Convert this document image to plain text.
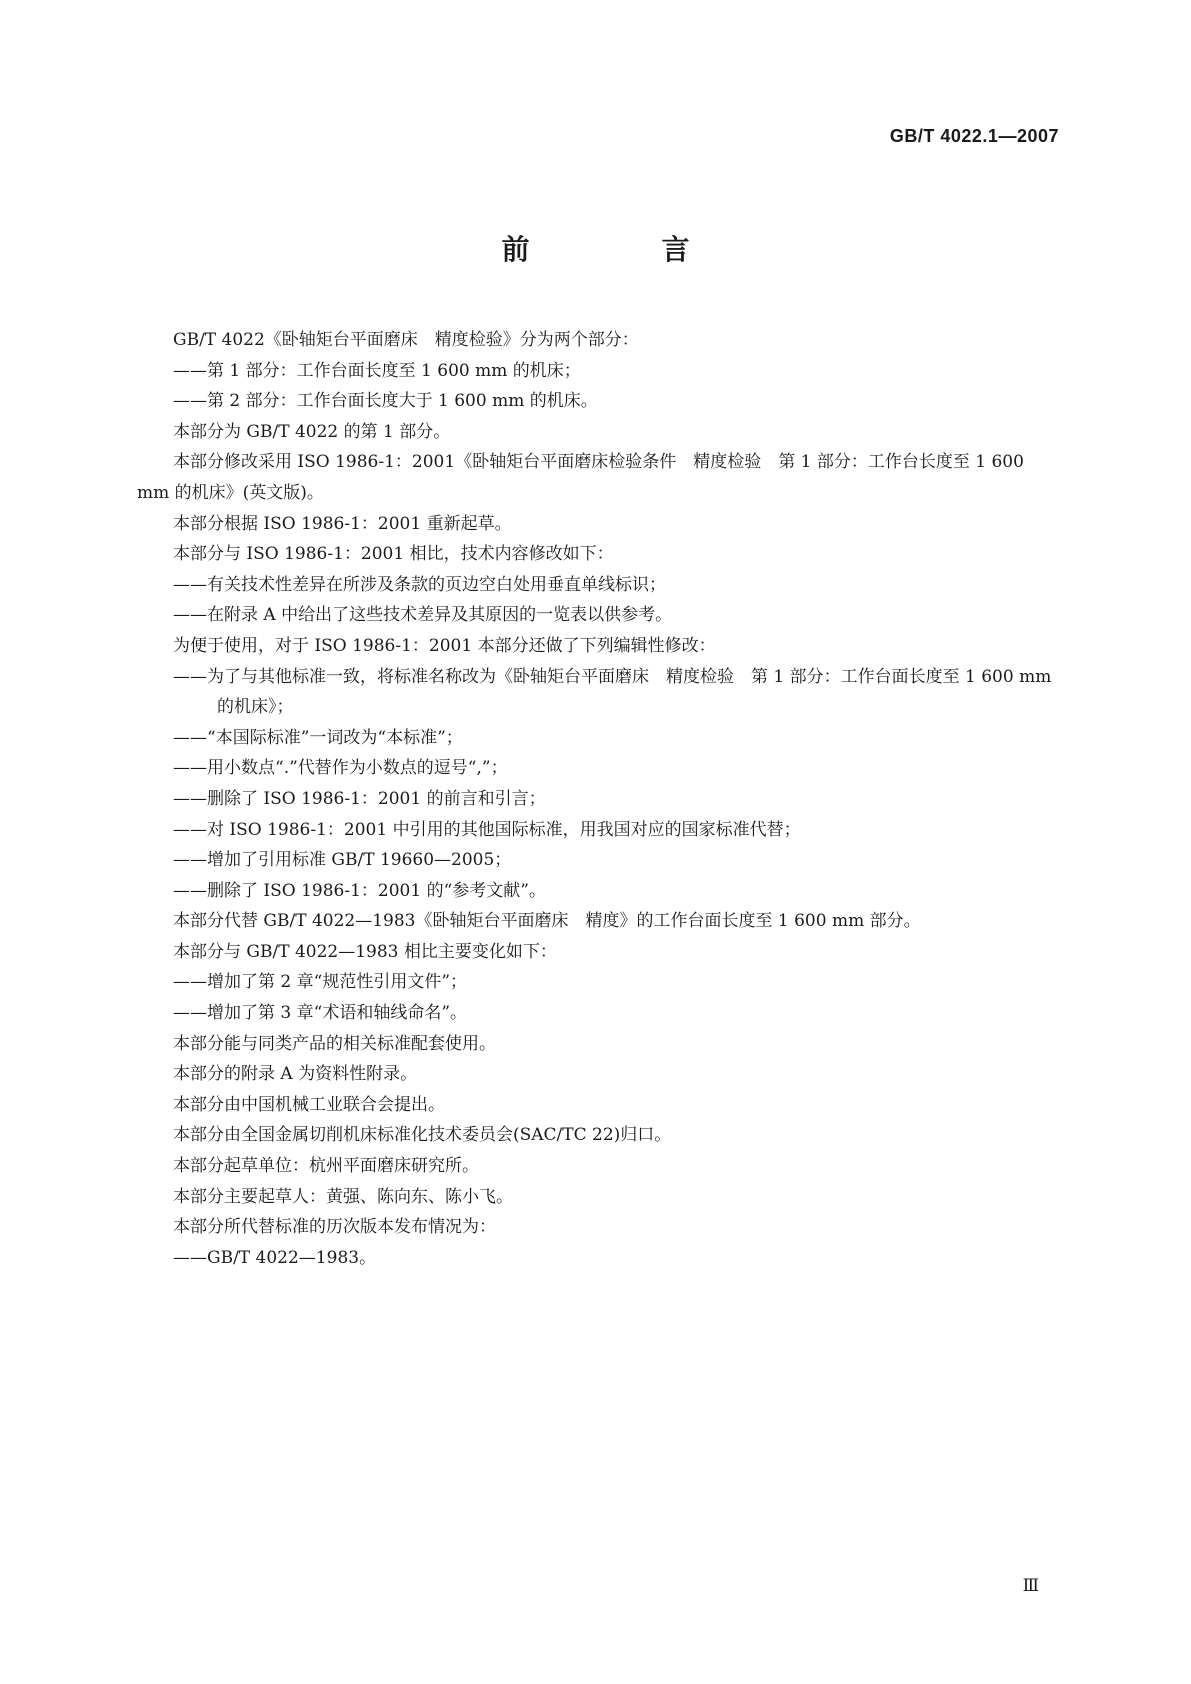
GB/T 4022.1—2007
前　言

GB/T 4022《卧轴矩台平面磨床　精度检验》分为两个部分：

——第 1 部分：工作台面长度至 1 600 mm 的机床；

——第 2 部分：工作台面长度大于 1 600 mm 的机床。

本部分为 GB/T 4022 的第 1 部分。

本部分修改采用 ISO 1986-1：2001《卧轴矩台平面磨床检验条件　精度检验　第 1 部分：工作台长度至 1 600 mm 的机床》(英文版)。

本部分根据 ISO 1986-1：2001 重新起草。

本部分与 ISO 1986-1：2001 相比，技术内容修改如下：

——有关技术性差异在所涉及条款的页边空白处用垂直单线标识；

——在附录 A 中给出了这些技术差异及其原因的一览表以供参考。

为便于使用，对于 ISO 1986-1：2001 本部分还做了下列编辑性修改：

——为了与其他标准一致，将标准名称改为《卧轴矩台平面磨床　精度检验　第 1 部分：工作台面长度至 1 600 mm 的机床》；

——“本国际标准”一词改为“本标准”；

——用小数点“.”代替作为小数点的逗号“,”；

——删除了 ISO 1986-1：2001 的前言和引言；

——对 ISO 1986-1：2001 中引用的其他国际标准，用我国对应的国家标准代替；

——增加了引用标准 GB/T 19660—2005；

——删除了 ISO 1986-1：2001 的“参考文献”。

本部分代替 GB/T 4022—1983《卧轴矩台平面磨床　精度》的工作台面长度至 1 600 mm 部分。

本部分与 GB/T 4022—1983 相比主要变化如下：

——增加了第 2 章“规范性引用文件”；

——增加了第 3 章“术语和轴线命名”。

本部分能与同类产品的相关标准配套使用。

本部分的附录 A 为资料性附录。

本部分由中国机械工业联合会提出。

本部分由全国金属切削机床标准化技术委员会(SAC/TC 22)归口。

本部分起草单位：杭州平面磨床研究所。

本部分主要起草人：黄强、陈向东、陈小飞。

本部分所代替标准的历次版本发布情况为：

——GB/T 4022—1983。

Ⅲ
